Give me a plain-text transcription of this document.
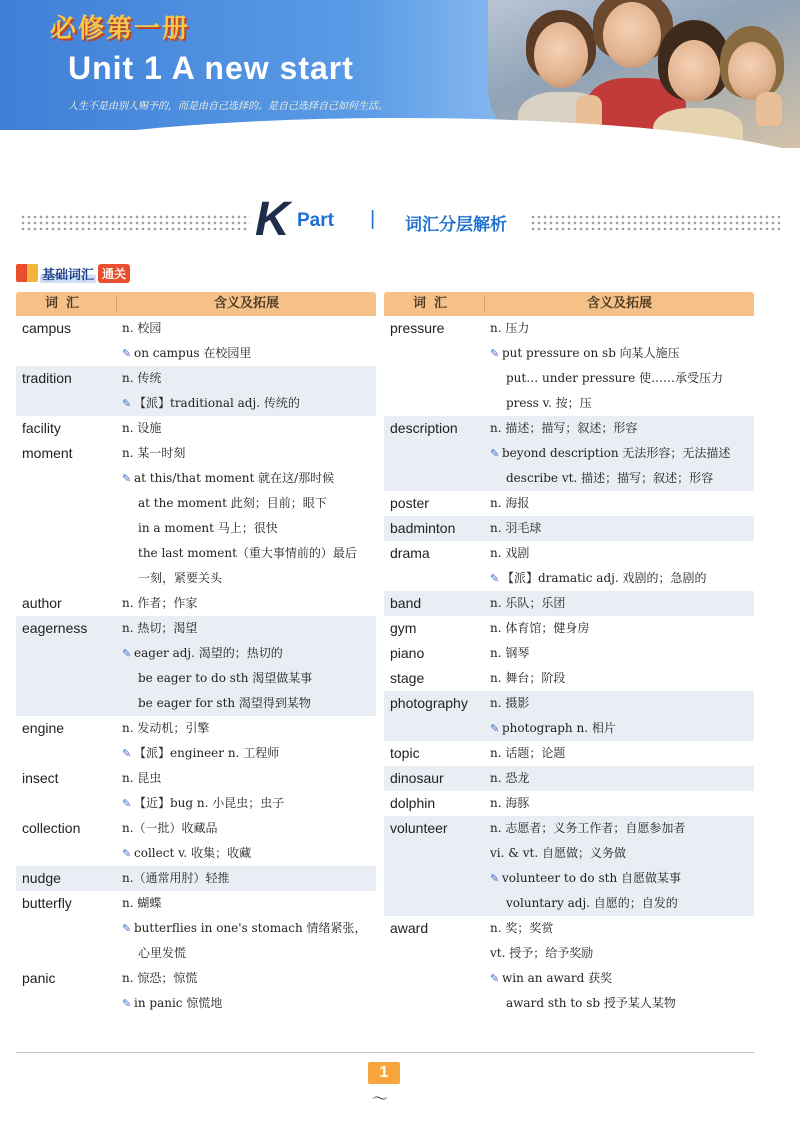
必修第一册
Unit 1 A new start
人生不是由别人赐予的，而是由自己选择的。是自己选择自己如何生活。
K Part | 词汇分层解析
基础词汇 通关
词汇	含义及拓展
campus	n. 校园
✎ on campus 在校园里
tradition	n. 传统
✎ 【派】traditional adj. 传统的
facility	n. 设施
moment	n. 某一时刻
✎ at this/that moment 就在这/那时候
at the moment 此刻；目前；眼下
in a moment 马上；很快
the last moment（重大事情前的）最后
一刻，紧要关头
author	n. 作者；作家
eagerness	n. 热切；渴望
✎ eager adj. 渴望的；热切的
be eager to do sth 渴望做某事
be eager for sth 渴望得到某物
engine	n. 发动机；引擎
✎ 【派】engineer n. 工程师
insect	n. 昆虫
✎ 【近】bug n. 小昆虫；虫子
collection	n.（一批）收藏品
✎ collect v. 收集；收藏
nudge	n.（通常用肘）轻推
butterfly	n. 蝴蝶
✎ butterflies in one's stomach 情绪紧张，
心里发慌
panic	n. 惊恐；惊慌
✎ in panic 惊慌地
词汇	含义及拓展
pressure	n. 压力
✎ put pressure on sb 向某人施压
put… under pressure 使……承受压力
press v. 按；压
description	n. 描述；描写；叙述；形容
✎ beyond description 无法形容；无法描述
describe vt. 描述；描写；叙述；形容
poster	n. 海报
badminton	n. 羽毛球
drama	n. 戏剧
✎ 【派】dramatic adj. 戏剧的；急剧的
band	n. 乐队；乐团
gym	n. 体育馆；健身房
piano	n. 钢琴
stage	n. 舞台；阶段
photography	n. 摄影
✎ photograph n. 相片
topic	n. 话题；论题
dinosaur	n. 恐龙
dolphin	n. 海豚
volunteer	n. 志愿者；义务工作者；自愿参加者
vi. & vt. 自愿做；义务做
✎ volunteer to do sth 自愿做某事
voluntary adj. 自愿的；自发的
award	n. 奖；奖赏
vt. 授予；给予奖励
✎ win an award 获奖
award sth to sb 授予某人某物
1
〜
